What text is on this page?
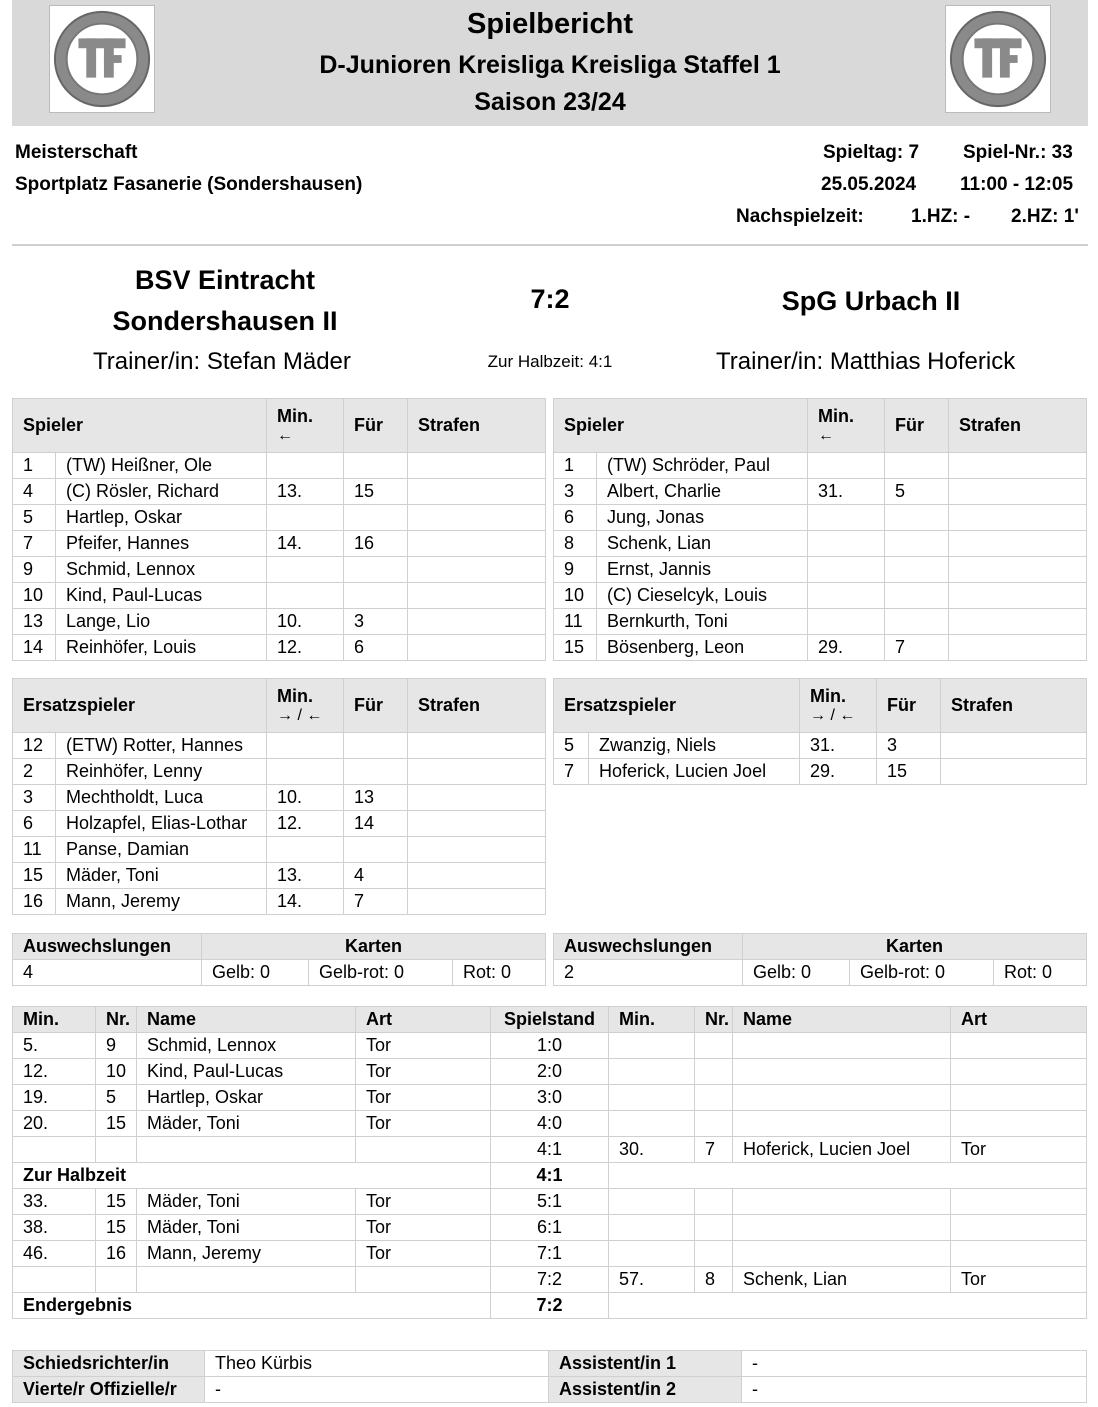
Spielbericht
D-Junioren Kreisliga Kreisliga Staffel 1
Saison 23/24
Meisterschaft
Sportplatz Fasanerie (Sondershausen)
Spieltag: 7 Spiel-Nr.: 33
25.05.2024 11:00 - 12:05
Nachspielzeit: 1.HZ: - 2.HZ: 1'
BSV Eintracht
Sondershausen II
7:2	SpG Urbach II
Trainer/in: Stefan Mäder	Zur Halbzeit: 4:1	Trainer/in: Matthias Hoferick
Spieler		Min.
←	Für	Strafen
1	(TW) Heißner, Ole			
4	(C) Rösler, Richard	13.	15	
5	Hartlep, Oskar			
7	Pfeifer, Hannes	14.	16	
9	Schmid, Lennox			
10	Kind, Paul-Lucas			
13	Lange, Lio	10.	3	
14	Reinhöfer, Louis	12.	6	
Spieler		Min.
←	Für	Strafen
1	(TW) Schröder, Paul			
3	Albert, Charlie	31.	5	
6	Jung, Jonas			
8	Schenk, Lian			
9	Ernst, Jannis			
10	(C) Cieselcyk, Louis			
11	Bernkurth, Toni			
15	Bösenberg, Leon	29.	7	
Ersatzspieler		Min.
→ / ←	Für	Strafen
12	(ETW) Rotter, Hannes			
2	Reinhöfer, Lenny			
3	Mechtholdt, Luca	10.	13	
6	Holzapfel, Elias-Lothar	12.	14	
11	Panse, Damian			
15	Mäder, Toni	13.	4	
16	Mann, Jeremy	14.	7	
Ersatzspieler		Min.
→ / ←	Für	Strafen
5	Zwanzig, Niels	31.	3	
7	Hoferick, Lucien Joel	29.	15	
Auswechslungen	Karten		
4	Gelb: 0	Gelb-rot: 0	Rot: 0
Auswechslungen	Karten		
2	Gelb: 0	Gelb-rot: 0	Rot: 0
Min.	Nr.	Name	Art	Spielstand	Min.	Nr.	Name	Art
5.	9	Schmid, Lennox	Tor	1:0				
12.	10	Kind, Paul-Lucas	Tor	2:0				
19.	5	Hartlep, Oskar	Tor	3:0				
20.	15	Mäder, Toni	Tor	4:0				
				4:1	30.	7	Hoferick, Lucien Joel	Tor
Zur Halbzeit				4:1				
33.	15	Mäder, Toni	Tor	5:1				
38.	15	Mäder, Toni	Tor	6:1				
46.	16	Mann, Jeremy	Tor	7:1				
				7:2	57.	8	Schenk, Lian	Tor
Endergebnis				7:2				
Schiedsrichter/in	Theo Kürbis	Assistent/in 1	-
Vierte/r Offizielle/r	-	Assistent/in 2	-
